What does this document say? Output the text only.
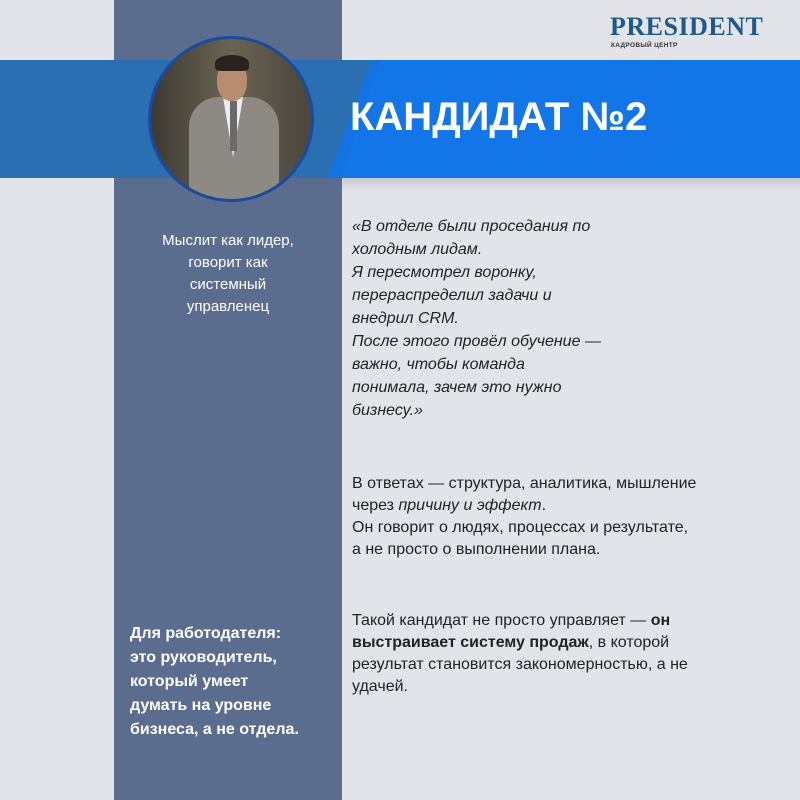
PRESIDENT
КАДРОВЫЙ ЦЕНТР
КАНДИДАТ №2
Мыслит как лидер,
говорит как
системный
управленец
«В отделе были проседания по
холодным лидам.
Я пересмотрел воронку,
перераспределил задачи и
внедрил CRM.
После этого провёл обучение —
важно, чтобы команда
понимала, зачем это нужно
бизнесу.»
В ответах — структура, аналитика, мышление
через причину и эффект.
Он говорит о людях, процессах и результате,
а не просто о выполнении плана.
Такой кандидат не просто управляет — он
выстраивает систему продаж, в которой
результат становится закономерностью, а не
удачей.
Для работодателя:
это руководитель,
который умеет
думать на уровне
бизнеса, а не отдела.
